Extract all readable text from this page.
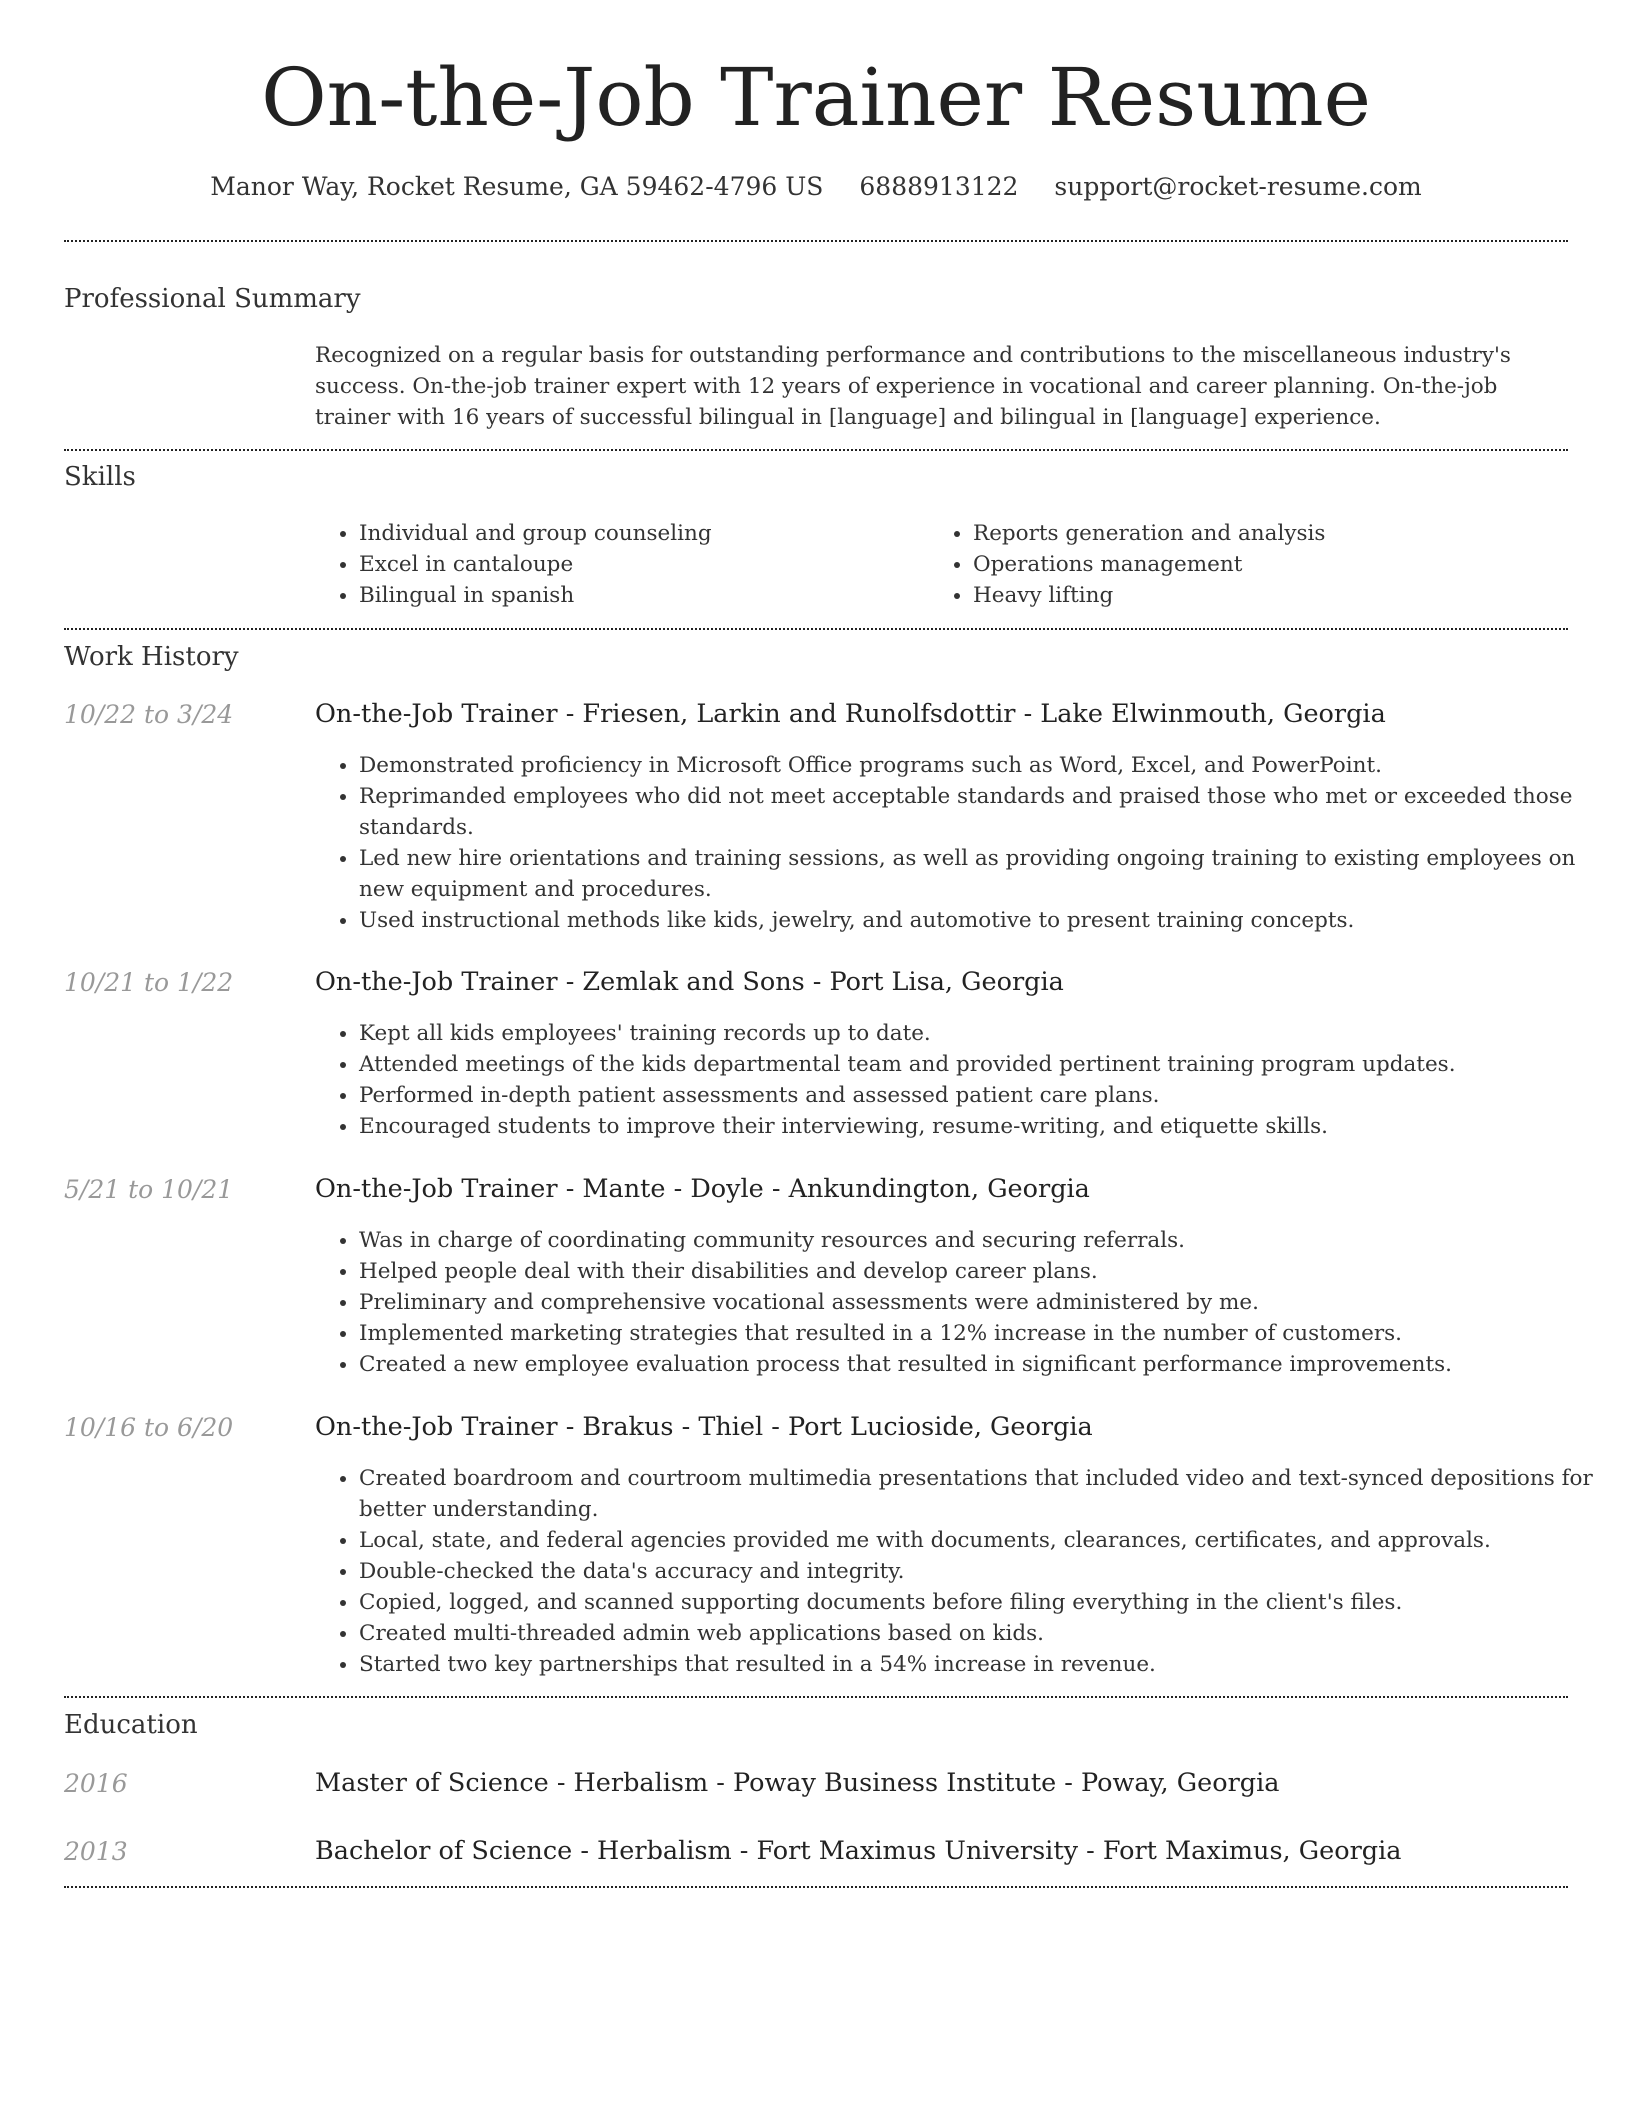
On-the-Job Trainer Resume
Manor Way, Rocket Resume, GA 59462-4796 US 6888913122 support@rocket-resume.com
Professional Summary
Recognized on a regular basis for outstanding performance and contributions to the miscellaneous industry's success. On-the-job trainer expert with 12 years of experience in vocational and career planning. On-the-job trainer with 16 years of successful bilingual in [language] and bilingual in [language] experience.
Skills
• Individual and group counseling
• Excel in cantaloupe
• Bilingual in spanish
• Reports generation and analysis
• Operations management
• Heavy lifting
Work History
10/22 to 3/24	On-the-Job Trainer - Friesen, Larkin and Runolfsdottir - Lake Elwinmouth, Georgia
• Demonstrated proficiency in Microsoft Office programs such as Word, Excel, and PowerPoint.
• Reprimanded employees who did not meet acceptable standards and praised those who met or exceeded those standards.
• Led new hire orientations and training sessions, as well as providing ongoing training to existing employees on new equipment and procedures.
• Used instructional methods like kids, jewelry, and automotive to present training concepts.
10/21 to 1/22	On-the-Job Trainer - Zemlak and Sons - Port Lisa, Georgia
• Kept all kids employees' training records up to date.
• Attended meetings of the kids departmental team and provided pertinent training program updates.
• Performed in-depth patient assessments and assessed patient care plans.
• Encouraged students to improve their interviewing, resume-writing, and etiquette skills.
5/21 to 10/21	On-the-Job Trainer - Mante - Doyle - Ankundington, Georgia
• Was in charge of coordinating community resources and securing referrals.
• Helped people deal with their disabilities and develop career plans.
• Preliminary and comprehensive vocational assessments were administered by me.
• Implemented marketing strategies that resulted in a 12% increase in the number of customers.
• Created a new employee evaluation process that resulted in significant performance improvements.
10/16 to 6/20	On-the-Job Trainer - Brakus - Thiel - Port Lucioside, Georgia
• Created boardroom and courtroom multimedia presentations that included video and text-synced depositions for better understanding.
• Local, state, and federal agencies provided me with documents, clearances, certificates, and approvals.
• Double-checked the data's accuracy and integrity.
• Copied, logged, and scanned supporting documents before filing everything in the client's files.
• Created multi-threaded admin web applications based on kids.
• Started two key partnerships that resulted in a 54% increase in revenue.
Education
2016	Master of Science - Herbalism - Poway Business Institute - Poway, Georgia
2013	Bachelor of Science - Herbalism - Fort Maximus University - Fort Maximus, Georgia
